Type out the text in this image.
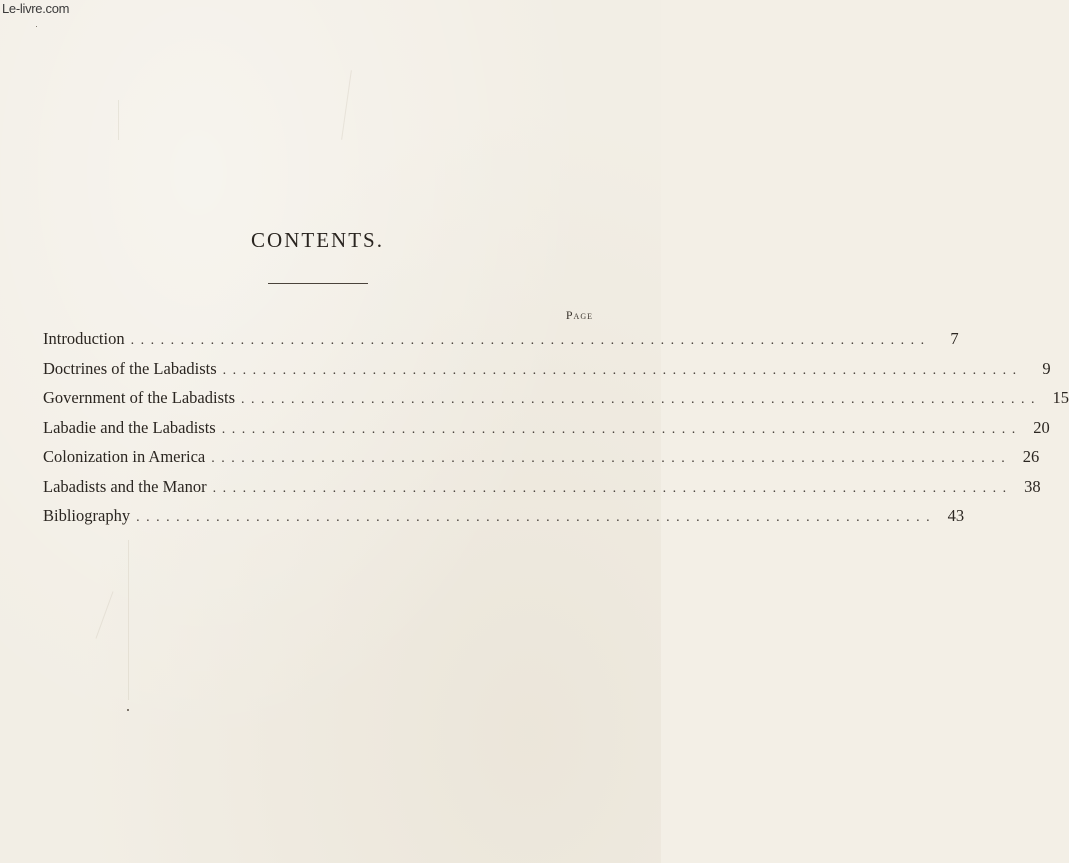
Le-livre.com
CONTENTS.
Page
Introduction ................................................................................	7
Doctrines of the Labadists ................................................................................	9
Government of the Labadists ................................................................................ 15
Labadie and the Labadists ................................................................................ 20
Colonization in America ................................................................................ 26
Labadists and the Manor ................................................................................ 38
Bibliography ................................................................................ 43
